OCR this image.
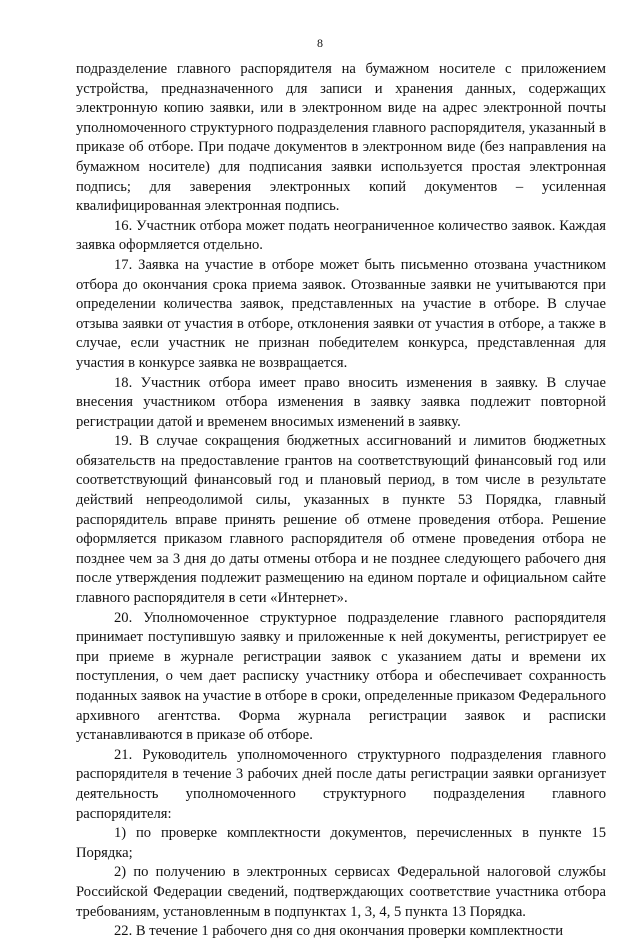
8

подразделение главного распорядителя на бумажном носителе с приложением устройства, предназначенного для записи и хранения данных, содержащих электронную копию заявки, или в электронном виде на адрес электронной почты уполномоченного структурного подразделения главного распорядителя, указанный в приказе об отборе. При подаче документов в электронном виде (без направления на бумажном носителе) для подписания заявки используется простая электронная подпись; для заверения электронных копий документов – усиленная квалифицированная электронная подпись.

16. Участник отбора может подать неограниченное количество заявок. Каждая заявка оформляется отдельно.

17. Заявка на участие в отборе может быть письменно отозвана участником отбора до окончания срока приема заявок. Отозванные заявки не учитываются при определении количества заявок, представленных на участие в отборе. В случае отзыва заявки от участия в отборе, отклонения заявки от участия в отборе, а также в случае, если участник не признан победителем конкурса, представленная для участия в конкурсе заявка не возвращается.

18. Участник отбора имеет право вносить изменения в заявку. В случае внесения участником отбора изменения в заявку заявка подлежит повторной регистрации датой и временем вносимых изменений в заявку.

19. В случае сокращения бюджетных ассигнований и лимитов бюджетных обязательств на предоставление грантов на соответствующий финансовый год или соответствующий финансовый год и плановый период, в том числе в результате действий непреодолимой силы, указанных в пункте 53 Порядка, главный распорядитель вправе принять решение об отмене проведения отбора. Решение оформляется приказом главного распорядителя об отмене проведения отбора не позднее чем за 3 дня до даты отмены отбора и не позднее следующего рабочего дня после утверждения подлежит размещению на едином портале и официальном сайте главного распорядителя в сети «Интернет».

20. Уполномоченное структурное подразделение главного распорядителя принимает поступившую заявку и приложенные к ней документы, регистрирует ее при приеме в журнале регистрации заявок с указанием даты и времени их поступления, о чем дает расписку участнику отбора и обеспечивает сохранность поданных заявок на участие в отборе в сроки, определенные приказом Федерального архивного агентства. Форма журнала регистрации заявок и расписки устанавливаются в приказе об отборе.

21. Руководитель уполномоченного структурного подразделения главного распорядителя в течение 3 рабочих дней после даты регистрации заявки организует деятельность уполномоченного структурного подразделения главного распорядителя:

1) по проверке комплектности документов, перечисленных в пункте 15 Порядка;

2) по получению в электронных сервисах Федеральной налоговой службы Российской Федерации сведений, подтверждающих соответствие участника отбора требованиям, установленным в подпунктах 1, 3, 4, 5 пункта 13 Порядка.

22. В течение 1 рабочего дня со дня окончания проверки комплектности
